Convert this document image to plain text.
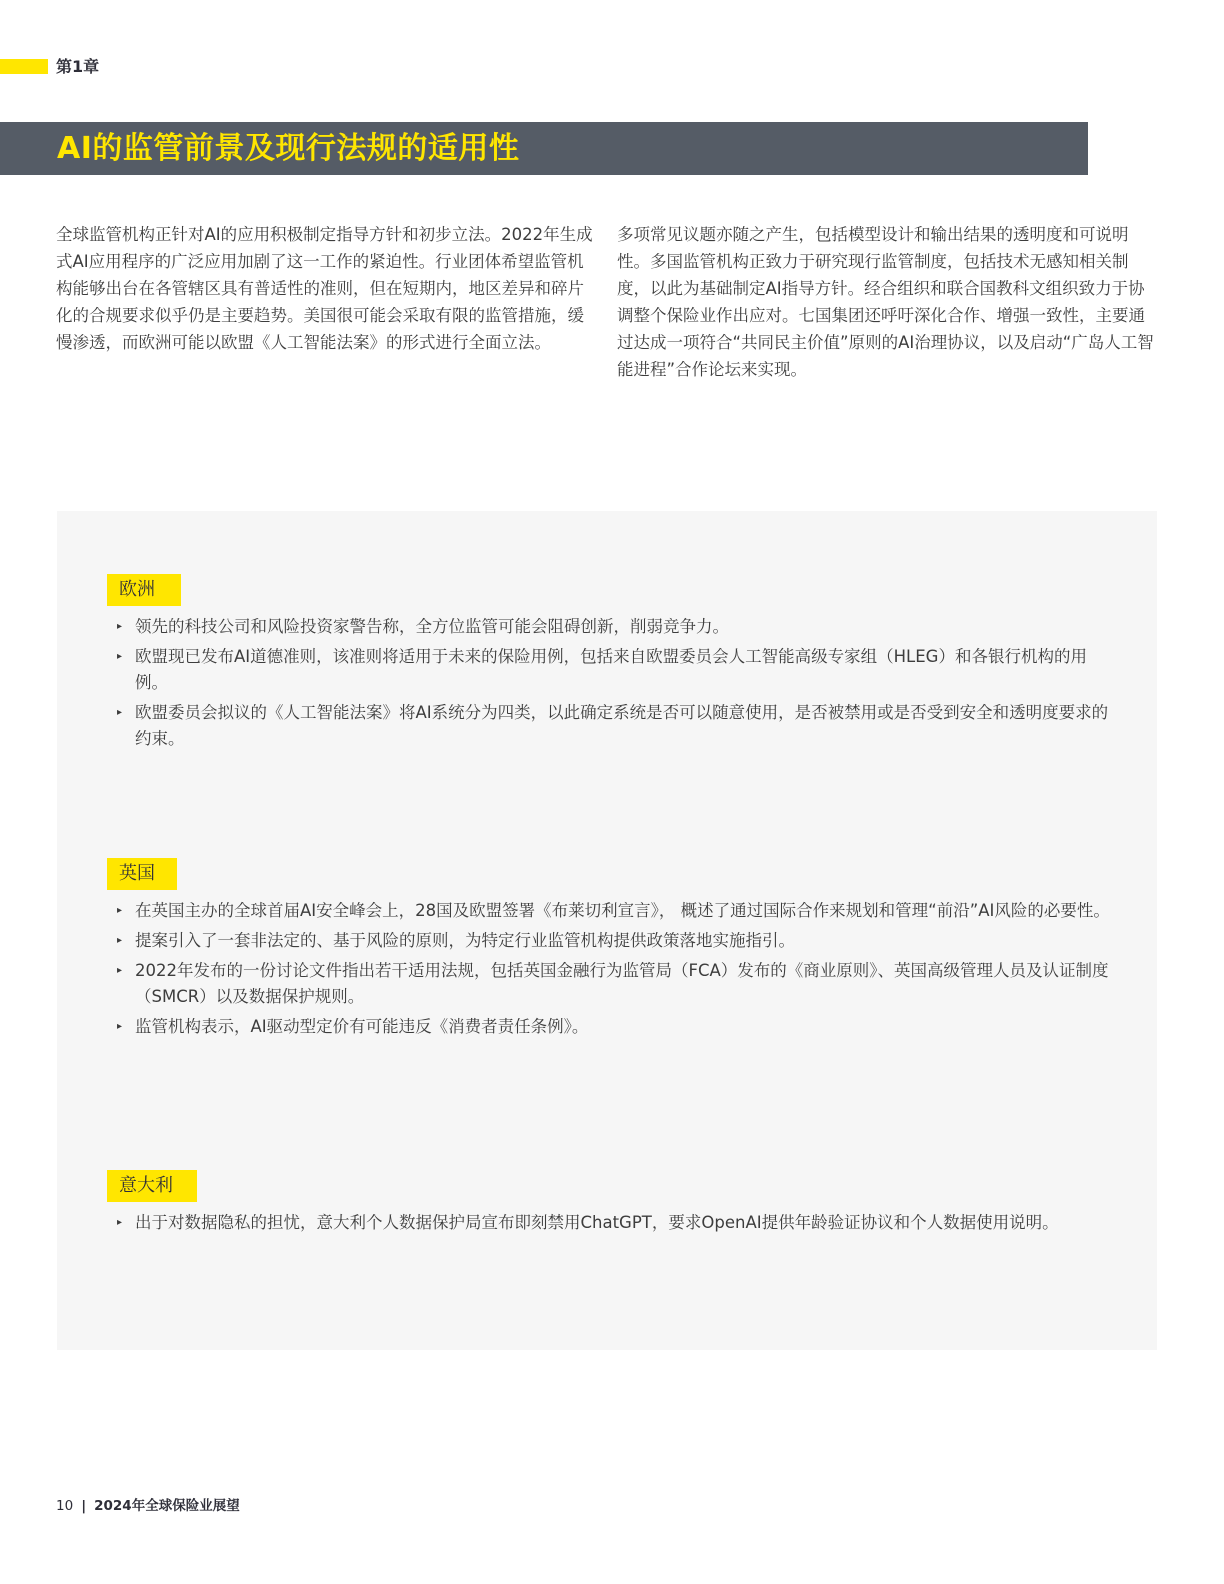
第1章
AI的监管前景及现行法规的适用性
全球监管机构正针对AI的应用积极制定指导方针和初步立法。2022年生成式AI应用程序的广泛应用加剧了这一工作的紧迫性。行业团体希望监管机构能够出台在各管辖区具有普适性的准则，但在短期内，地区差异和碎片化的合规要求似乎仍是主要趋势。美国很可能会采取有限的监管措施，缓慢渗透，而欧洲可能以欧盟《人工智能法案》的形式进行全面立法。
多项常见议题亦随之产生，包括模型设计和输出结果的透明度和可说明性。多国监管机构正致力于研究现行监管制度，包括技术无感知相关制度，以此为基础制定AI指导方针。经合组织和联合国教科文组织致力于协调整个保险业作出应对。七国集团还呼吁深化合作、增强一致性，主要通过达成一项符合“共同民主价值”原则的AI治理协议，以及启动“广岛人工智能进程”合作论坛来实现。
欧洲
▸ 领先的科技公司和风险投资家警告称，全方位监管可能会阻碍创新，削弱竞争力。
▸ 欧盟现已发布AI道德准则，该准则将适用于未来的保险用例，包括来自欧盟委员会人工智能高级专家组（HLEG）和各银行机构的用例。
▸ 欧盟委员会拟议的《人工智能法案》将AI系统分为四类，以此确定系统是否可以随意使用，是否被禁用或是否受到安全和透明度要求的约束。
英国
▸ 在英国主办的全球首届AI安全峰会上，28国及欧盟签署《布莱切利宣言》， 概述了通过国际合作来规划和管理“前沿”AI风险的必要性。
▸ 提案引入了一套非法定的、基于风险的原则，为特定行业监管机构提供政策落地实施指引。
▸ 2022年发布的一份讨论文件指出若干适用法规，包括英国金融行为监管局（FCA）发布的《商业原则》、英国高级管理人员及认证制度 （SMCR）以及数据保护规则。
▸ 监管机构表示，AI驱动型定价有可能违反《消费者责任条例》。
意大利
▸ 出于对数据隐私的担忧，意大利个人数据保护局宣布即刻禁用ChatGPT，要求OpenAI提供年龄验证协议和个人数据使用说明。
10 | 2024年全球保险业展望
